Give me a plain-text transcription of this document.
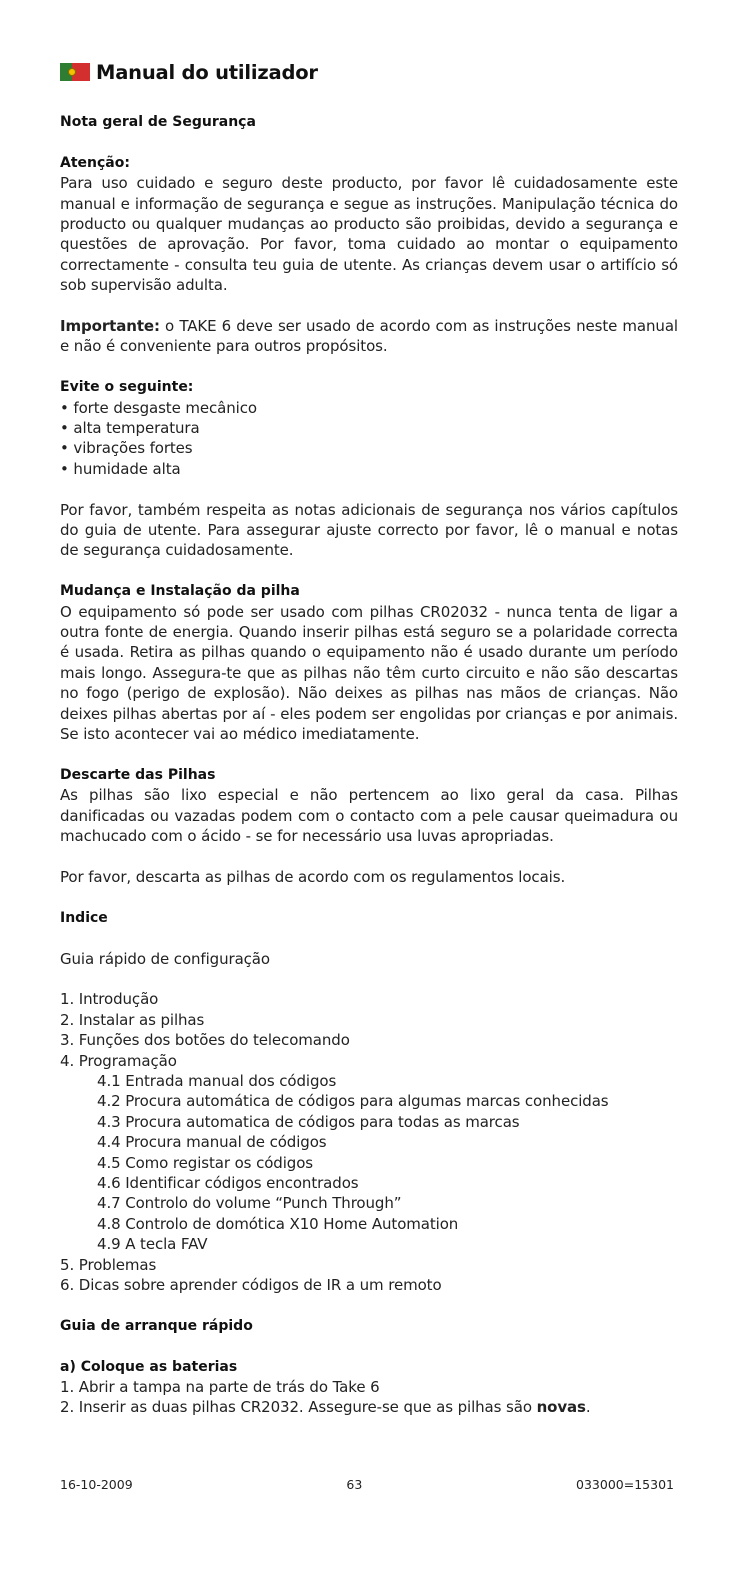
Manual do utilizador
Nota geral de Segurança
Atenção:
Para uso cuidado e seguro deste producto, por favor lê cuidadosamente este manual e informação de segurança e segue as instruções. Manipulação técnica do producto ou qualquer mudanças ao producto são proibidas, devido a segurança e questões de aprovação. Por favor, toma cuidado ao montar o equipamento correctamente - consulta teu guia de utente. As crianças devem usar o artifício só sob supervisão adulta.
Importante: o TAKE 6 deve ser usado de acordo com as instruções neste manual e não é conveniente para outros propósitos.
Evite o seguinte:
• forte desgaste mecânico
• alta temperatura
• vibrações fortes
• humidade alta
Por favor, também respeita as notas adicionais de segurança nos vários capítulos do guia de utente. Para assegurar ajuste correcto por favor, lê o manual e notas de segurança cuidadosamente.
Mudança e Instalação da pilha
O equipamento só pode ser usado com pilhas CR02032 - nunca tenta de ligar a outra fonte de energia. Quando inserir pilhas está seguro se a polaridade correcta é usada. Retira as pilhas quando o equipamento não é usado durante um período mais longo. Assegura-te que as pilhas não têm curto circuito e não são descartas no fogo (perigo de explosão). Não deixes as pilhas nas mãos de crianças. Não deixes pilhas abertas por aí - eles podem ser engolidas por crianças e por animais. Se isto acontecer vai ao médico imediatamente.
Descarte das Pilhas
As pilhas são lixo especial e não pertencem ao lixo geral da casa. Pilhas danificadas ou vazadas podem com o contacto com a pele causar queimadura ou machucado com o ácido - se for necessário usa luvas apropriadas.
Por favor, descarta as pilhas de acordo com os regulamentos locais.
Indice
Guia rápido de configuração
1. Introdução
2. Instalar as pilhas
3. Funções dos botões do telecomando
4. Programação
4.1 Entrada manual dos códigos
4.2 Procura automática de códigos para algumas marcas conhecidas
4.3 Procura automatica de códigos para todas as marcas
4.4 Procura manual de códigos
4.5 Como registar os códigos
4.6 Identificar códigos encontrados
4.7 Controlo do volume “Punch Through”
4.8 Controlo de domótica X10 Home Automation
4.9 A tecla FAV
5. Problemas
6. Dicas sobre aprender códigos de IR a um remoto
Guia de arranque rápido
a) Coloque as baterias
1. Abrir a tampa na parte de trás do Take 6
2. Inserir as duas pilhas CR2032. Assegure-se que as pilhas são novas.
16-10-2009	63	033000=15301
